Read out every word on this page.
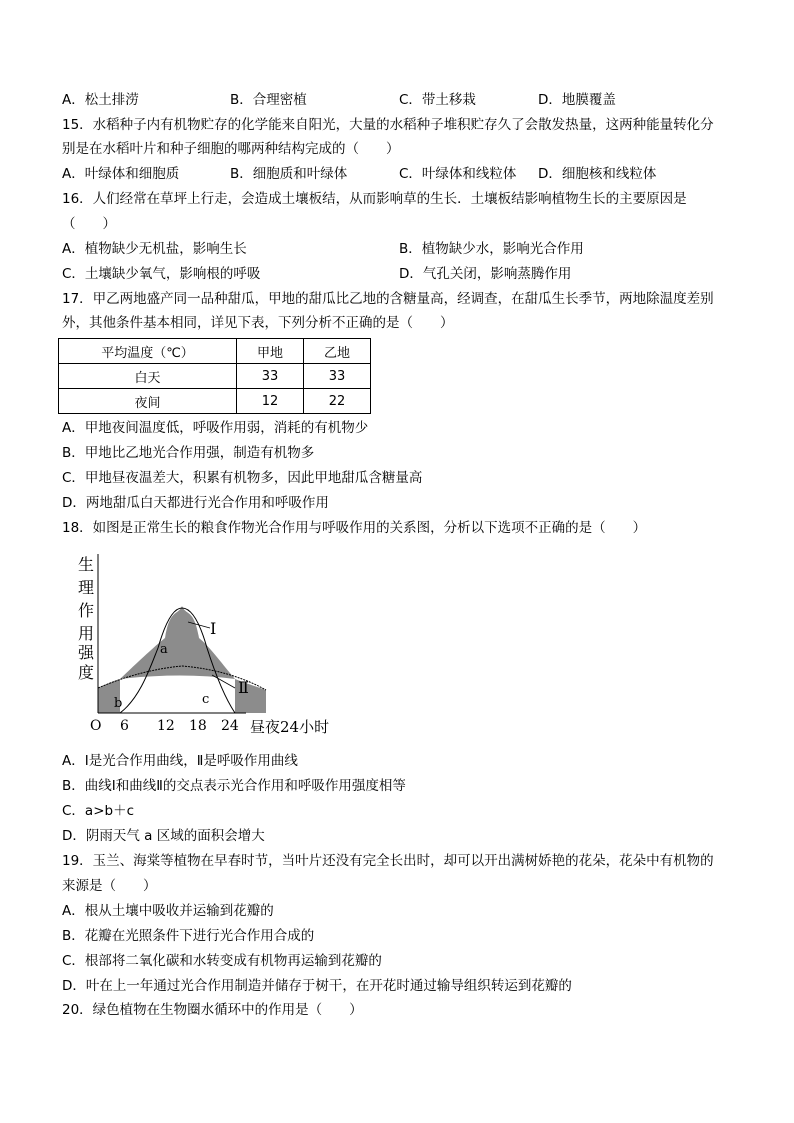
A．松土排涝	B．合理密植	C．带土移栽	D．地膜覆盖
15．水稻种子内有机物贮存的化学能来自阳光，大量的水稻种子堆积贮存久了会散发热量，这两种能量转化分
别是在水稻叶片和种子细胞的哪两种结构完成的（　　）
A．叶绿体和细胞质	B．细胞质和叶绿体	C．叶绿体和线粒体 D．细胞核和线粒体
16．人们经常在草坪上行走，会造成土壤板结，从而影响草的生长．土壤板结影响植物生长的主要原因是
（　　）
A．植物缺少无机盐，影响生长	B．植物缺少水，影响光合作用
C．土壤缺少氧气，影响根的呼吸	D．气孔关闭，影响蒸腾作用
17．甲乙两地盛产同一品种甜瓜，甲地的甜瓜比乙地的含糖量高，经调查，在甜瓜生长季节，两地除温度差别
外，其他条件基本相同，详见下表，下列分析不正确的是（　　）
平均温度（℃）	甲地	乙地
白天	33	33
夜间	12	22
A．甲地夜间温度低，呼吸作用弱，消耗的有机物少
B．甲地比乙地光合作用强，制造有机物多
C．甲地昼夜温差大，积累有机物多，因此甲地甜瓜含糖量高
D．两地甜瓜白天都进行光合作用和呼吸作用
18．如图是正常生长的粮食作物光合作用与呼吸作用的关系图，分析以下选项不正确的是（　　）
生
理
作
用
强
度
Ⅰ
Ⅱ
a
b	c
O 6 12 18 24 昼夜24小时
A．Ⅰ是光合作用曲线，Ⅱ是呼吸作用曲线
B．曲线Ⅰ和曲线Ⅱ的交点表示光合作用和呼吸作用强度相等
C．a>b＋c
D．阴雨天气 a 区域的面积会增大
19．玉兰、海棠等植物在早春时节，当叶片还没有完全长出时，却可以开出满树娇艳的花朵，花朵中有机物的
来源是（　　）
A．根从土壤中吸收并运输到花瓣的
B．花瓣在光照条件下进行光合作用合成的
C．根部将二氧化碳和水转变成有机物再运输到花瓣的
D．叶在上一年通过光合作用制造并储存于树干，在开花时通过输导组织转运到花瓣的
20．绿色植物在生物圈水循环中的作用是（　　）
